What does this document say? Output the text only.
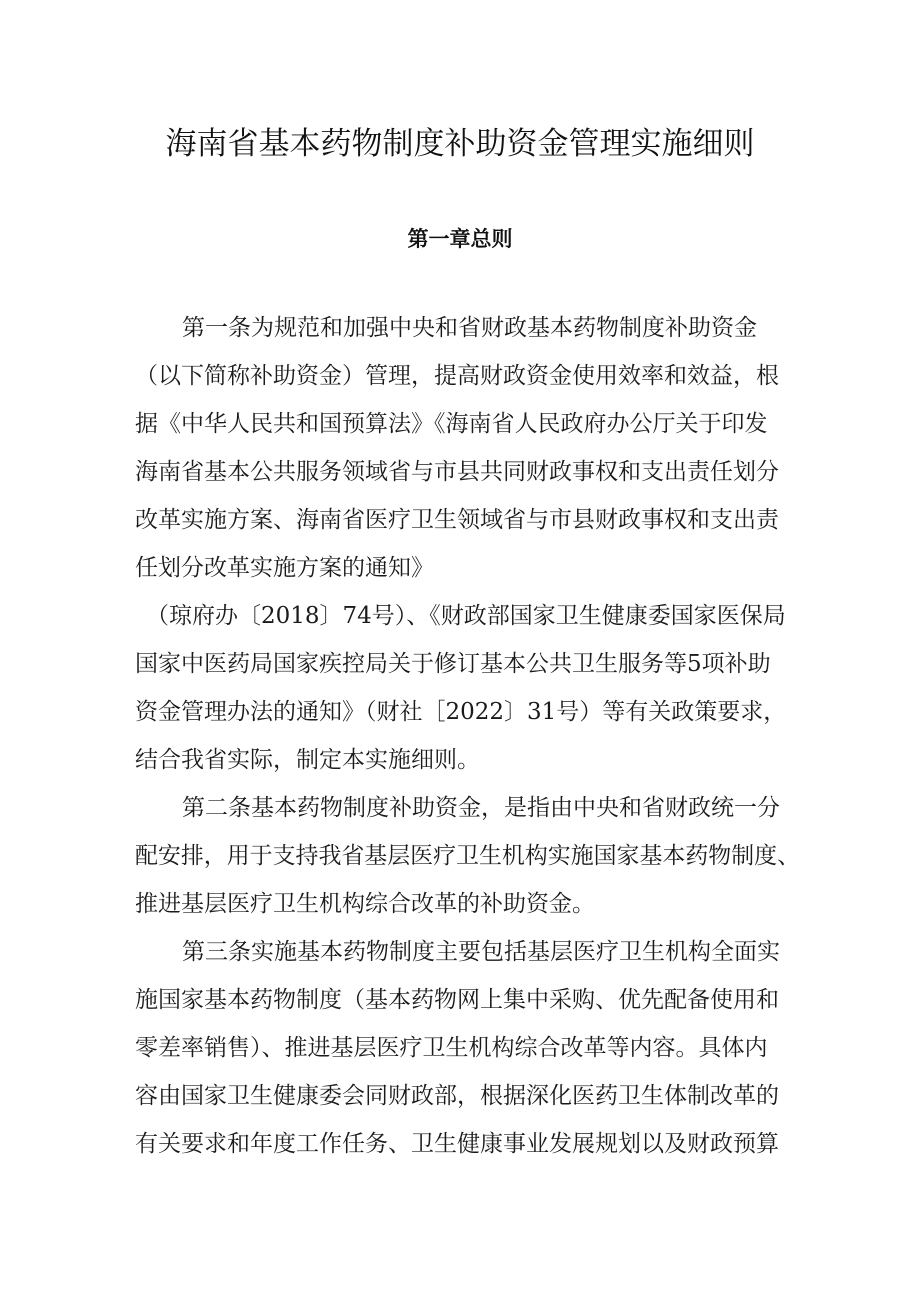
海南省基本药物制度补助资金管理实施细则
第一章总则
第一条为规范和加强中央和省财政基本药物制度补助资金
（以下简称补助资金）管理，提高财政资金使用效率和效益，根
据《中华人民共和国预算法》《海南省人民政府办公厅关于印发
海南省基本公共服务领域省与市县共同财政事权和支出责任划分
改革实施方案、海南省医疗卫生领域省与市县财政事权和支出责
任划分改革实施方案的通知》
（琼府办〔2018〕74号）、《财政部国家卫生健康委国家医保局
国家中医药局国家疾控局关于修订基本公共卫生服务等5项补助
资金管理办法的通知》（财社［2022〕31号）等有关政策要求，
结合我省实际，制定本实施细则。
第二条基本药物制度补助资金，是指由中央和省财政统一分
配安排，用于支持我省基层医疗卫生机构实施国家基本药物制度、
推进基层医疗卫生机构综合改革的补助资金。
第三条实施基本药物制度主要包括基层医疗卫生机构全面实
施国家基本药物制度（基本药物网上集中采购、优先配备使用和
零差率销售）、推进基层医疗卫生机构综合改革等内容。具体内
容由国家卫生健康委会同财政部，根据深化医药卫生体制改革的
有关要求和年度工作任务、卫生健康事业发展规划以及财政预算
